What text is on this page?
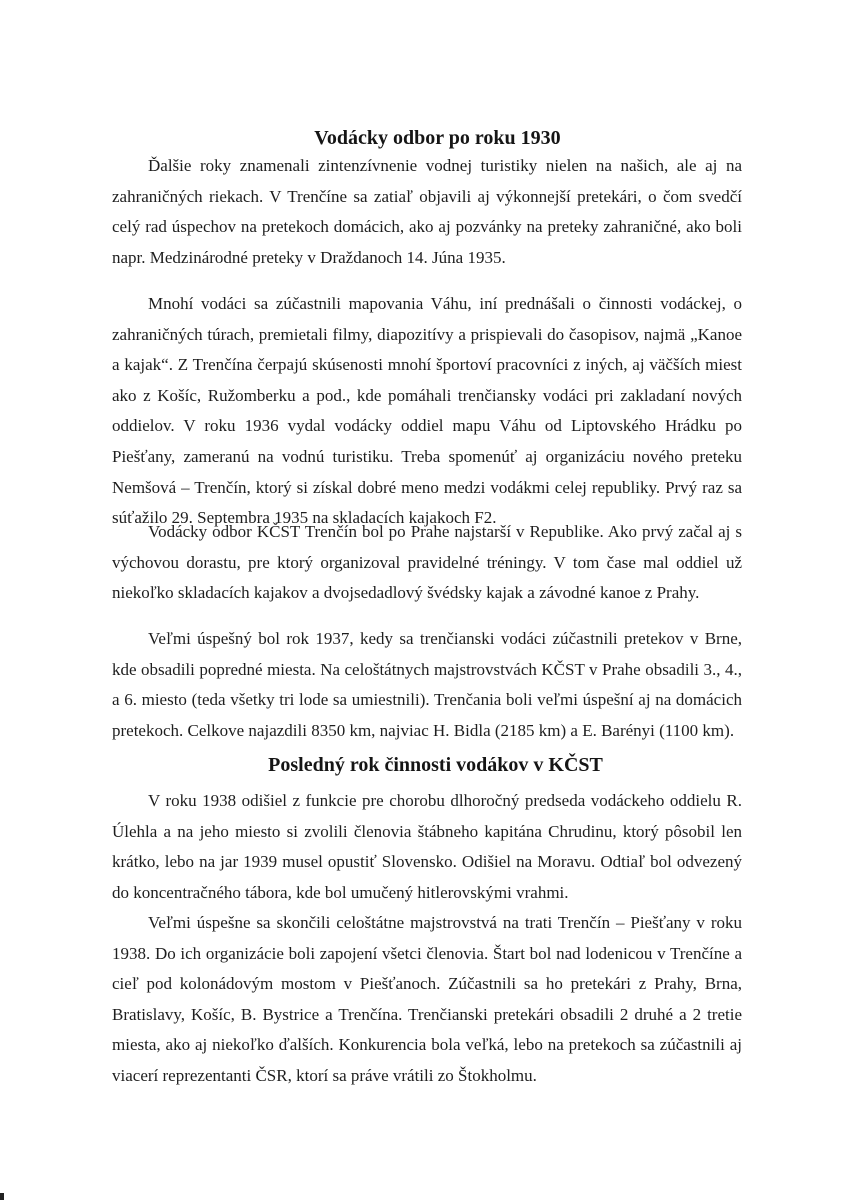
Vodácky odbor po roku 1930

Ďalšie roky znamenali zintenzívnenie vodnej turistiky nielen na našich, ale aj na zahraničných riekach. V Trenčíne sa zatiaľ objavili aj výkonnejší pretekári, o čom svedčí celý rad úspechov na pretekoch domácich, ako aj pozvánky na preteky zahraničné, ako boli napr. Medzinárodné preteky v Draždanoch 14. Júna 1935.

Mnohí vodáci sa zúčastnili mapovania Váhu, iní prednášali o činnosti vodáckej, o zahraničných túrach, premietali filmy, diapozitívy a prispievali do časopisov, najmä „Kanoe a kajak“. Z Trenčína čerpajú skúsenosti mnohí športoví pracovníci z iných, aj väčších miest ako z Košíc, Ružomberku a pod., kde pomáhali trenčiansky vodáci pri zakladaní nových oddielov. V roku 1936 vydal vodácky oddiel mapu Váhu od Liptovského Hrádku po Piešťany, zameranú na vodnú turistiku. Treba spomenúť aj organizáciu nového preteku Nemšová – Trenčín, ktorý si získal dobré meno medzi vodákmi celej republiky. Prvý raz sa súťažilo 29. Septembra 1935 na skladacích kajakoch F2.

Vodácky odbor KČST Trenčín bol po Prahe najstarší v Republike. Ako prvý začal aj s výchovou dorastu, pre ktorý organizoval pravidelné tréningy. V tom čase mal oddiel už niekoľko skladacích kajakov a dvojsedadlový švédsky kajak a závodné kanoe z Prahy.

Veľmi úspešný bol rok 1937, kedy sa trenčianski vodáci zúčastnili pretekov v Brne, kde obsadili popredné miesta. Na celoštátnych majstrovstvách KČST v Prahe obsadili 3., 4., a 6. miesto (teda všetky tri lode sa umiestnili). Trenčania boli veľmi úspešní aj na domácich pretekoch. Celkove najazdili 8350 km, najviac H. Bidla (2185 km) a E. Barényi (1100 km).

Posledný rok činnosti vodákov v KČST

V roku 1938 odišiel z funkcie pre chorobu dlhoročný predseda vodáckeho oddielu R. Úlehla a na jeho miesto si zvolili členovia štábneho kapitána Chrudinu, ktorý pôsobil len krátko, lebo na jar 1939 musel opustiť Slovensko. Odišiel na Moravu. Odtiaľ bol odvezený do koncentračného tábora, kde bol umučený hitlerovskými vrahmi.

Veľmi úspešne sa skončili celoštátne majstrovstvá na trati Trenčín – Piešťany v roku 1938. Do ich organizácie boli zapojení všetci členovia. Štart bol nad lodenicou v Trenčíne a cieľ pod kolonádovým mostom v Piešťanoch. Zúčastnili sa ho pretekári z Prahy, Brna, Bratislavy, Košíc, B. Bystrice a Trenčína. Trenčianski pretekári obsadili 2 druhé a 2 tretie miesta, ako aj niekoľko ďalších. Konkurencia bola veľká, lebo na pretekoch sa zúčastnili aj viacerí reprezentanti ČSR, ktorí sa práve vrátili zo Štokholmu.
